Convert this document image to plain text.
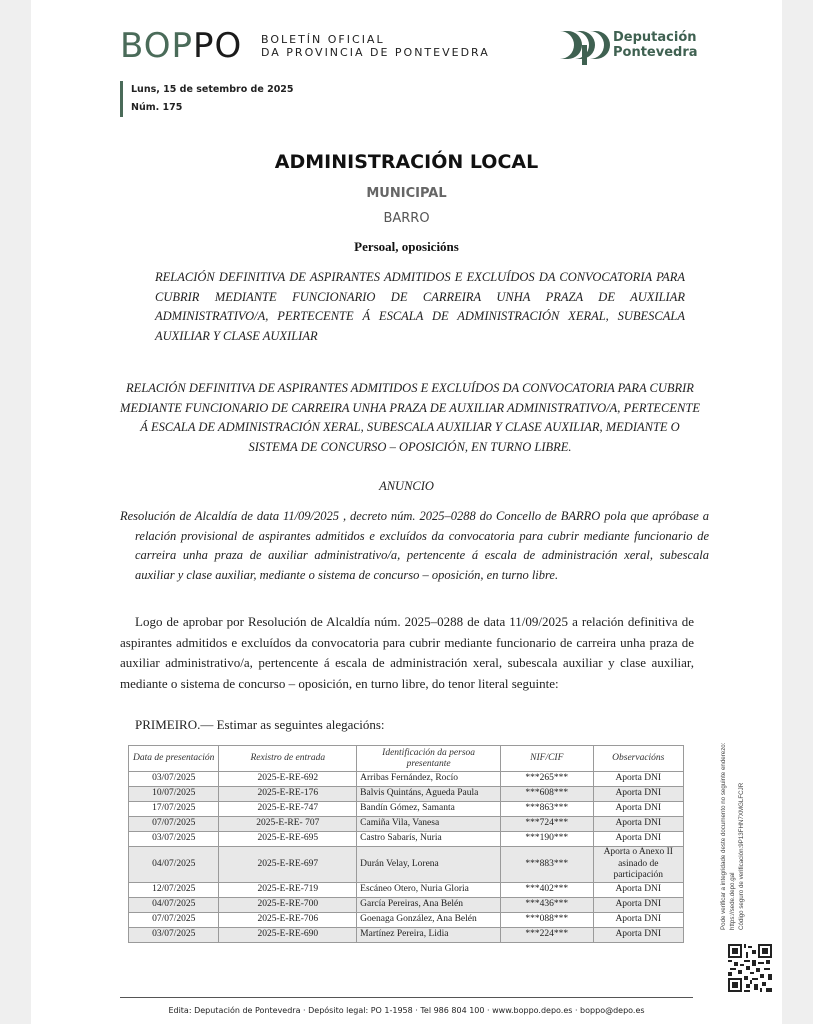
BOPPO BOLETÍN OFICIAL
DA PROVINCIA DE PONTEVEDRA
Deputación
Pontevedra
Luns, 15 de setembro de 2025
Núm. 175
ADMINISTRACIÓN LOCAL
MUNICIPAL
BARRO
Persoal, oposicións
RELACIÓN DEFINITIVA DE ASPIRANTES ADMITIDOS E EXCLUÍDOS DA CONVOCATORIA PARA CUBRIR MEDIANTE FUNCIONARIO DE CARREIRA UNHA PRAZA DE AUXILIAR ADMINISTRATIVO/A, PERTECENTE Á ESCALA DE ADMINISTRACIÓN XERAL, SUBESCALA AUXILIAR Y CLASE AUXILIAR
RELACIÓN DEFINITIVA DE ASPIRANTES ADMITIDOS E EXCLUÍDOS DA CONVOCATORIA PARA CUBRIR MEDIANTE FUNCIONARIO DE CARREIRA UNHA PRAZA DE AUXILIAR ADMINISTRATIVO/A, PERTECENTE Á ESCALA DE ADMINISTRACIÓN XERAL, SUBESCALA AUXILIAR Y CLASE AUXILIAR, MEDIANTE O SISTEMA DE CONCURSO – OPOSICIÓN, EN TURNO LIBRE.
ANUNCIO
Resolución de Alcaldía de data 11/09/2025 , decreto núm. 2025–0288 do Concello de BARRO pola que apróbase a relación provisional de aspirantes admitidos e excluídos da convocatoria para cubrir mediante funcionario de carreira unha praza de auxiliar administrativo/a, pertencente á escala de administración xeral, subescala auxiliar y clase auxiliar, mediante o sistema de concurso – oposición, en turno libre.
Logo de aprobar por Resolución de Alcaldía núm. 2025–0288 de data 11/09/2025 a relación definitiva de aspirantes admitidos e excluídos da convocatoria para cubrir mediante funcionario de carreira unha praza de auxiliar administrativo/a, pertencente á escala de administración xeral, subescala auxiliar y clase auxiliar, mediante o sistema de concurso – oposición, en turno libre, do tenor literal seguinte:
PRIMEIRO.— Estimar as seguintes alegacións:
Data de presentación	Rexistro de entrada	Identificación da persoa presentante	NIF/CIF	Observacións
03/07/2025	2025-E-RE-692	Arribas Fernández, Rocío	***265***	Aporta DNI
10/07/2025	2025-E-RE-176	Balvis Quintáns, Agueda Paula	***608***	Aporta DNI
17/07/2025	2025-E-RE-747	Bandín Gómez, Samanta	***863***	Aporta DNI
07/07/2025	2025-E-RE- 707	Camiña Vila, Vanesa	***724***	Aporta DNI
03/07/2025	2025-E-RE-695	Castro Sabarís, Nuria	***190***	Aporta DNI
04/07/2025	2025-E-RE-697	Durán Velay, Lorena	***883***	Aporta o Anexo II asinado de participación
12/07/2025	2025-E-RE-719	Escáneo Otero, Nuria Gloria	***402***	Aporta DNI
04/07/2025	2025-E-RE-700	García Pereiras, Ana Belén	***436***	Aporta DNI
07/07/2025	2025-E-RE-706	Goenaga González, Ana Belén	***088***	Aporta DNI
03/07/2025	2025-E-RE-690	Martínez Pereira, Lidia	***224***	Aporta DNI
Pode verificar a integridade deste documento no seguinte enderezo: https://sede.depo.gal Código seguro de verificación:9P13FHN7XMGLFCJR
Edita: Deputación de Pontevedra · Depósito legal: PO 1-1958 · Tel 986 804 100 · www.boppo.depo.es · boppo@depo.es
